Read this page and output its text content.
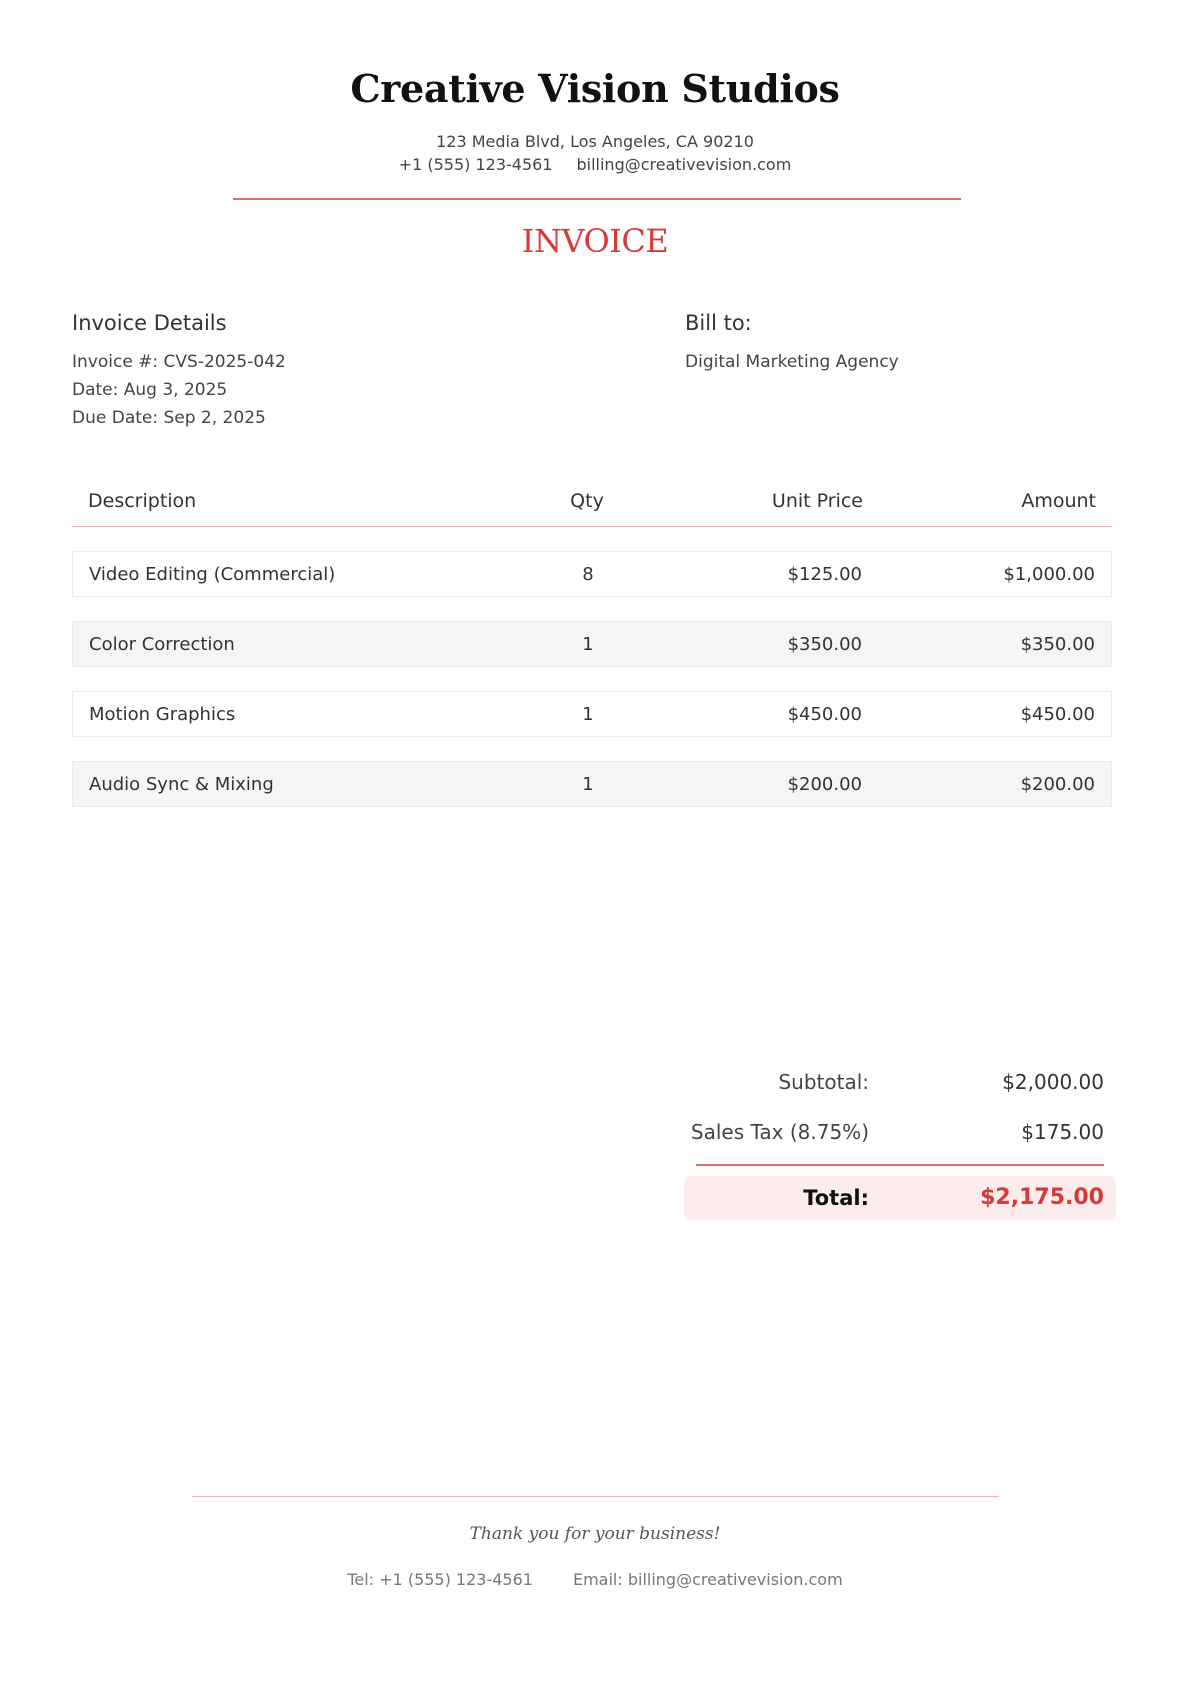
Creative Vision Studios
123 Media Blvd, Los Angeles, CA 90210
+1 (555) 123-4561 billing@creativevision.com
INVOICE
Invoice Details
Invoice #: CVS-2025-042
Date: Aug 3, 2025
Due Date: Sep 2, 2025
Bill to:
Digital Marketing Agency
Description	Qty	Unit Price	Amount
Video Editing (Commercial)	8	$125.00	$1,000.00
Color Correction	1	$350.00	$350.00
Motion Graphics	1	$450.00	$450.00
Audio Sync & Mixing	1	$200.00	$200.00
Subtotal:	$2,000.00
Sales Tax (8.75%)	$175.00
Total:	$2,175.00
Thank you for your business!
Tel: +1 (555) 123-4561	Email: billing@creativevision.com
